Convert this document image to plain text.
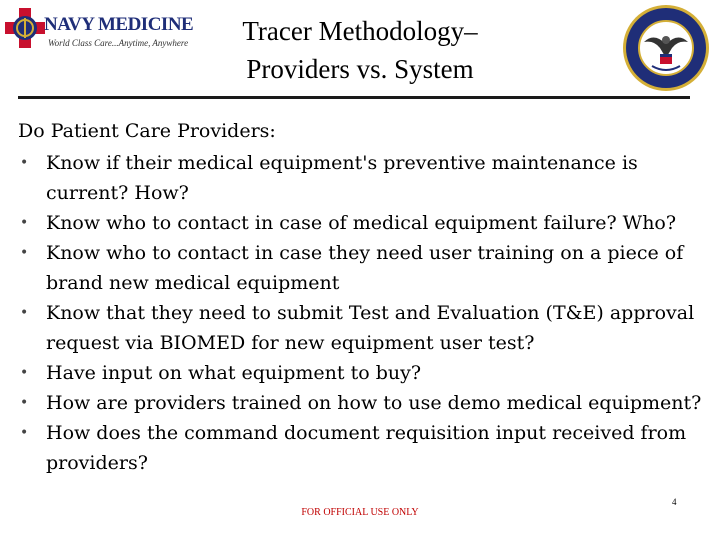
NAVY MEDICINE
World Class Care...Anytime, Anywhere	Tracer Methodology–
Providers vs. System
Do Patient Care Providers:
• Know if their medical equipment's preventive maintenance is current? How?
• Know who to contact in case of medical equipment failure? Who?
• Know who to contact in case they need user training on a piece of brand new medical equipment
• Know that they need to submit Test and Evaluation (T&E) approval request via BIOMED for new equipment user test?
• Have input on what equipment to buy?
• How are providers trained on how to use demo medical equipment?
• How does the command document requisition input received from providers?
FOR OFFICIAL USE ONLY
4
